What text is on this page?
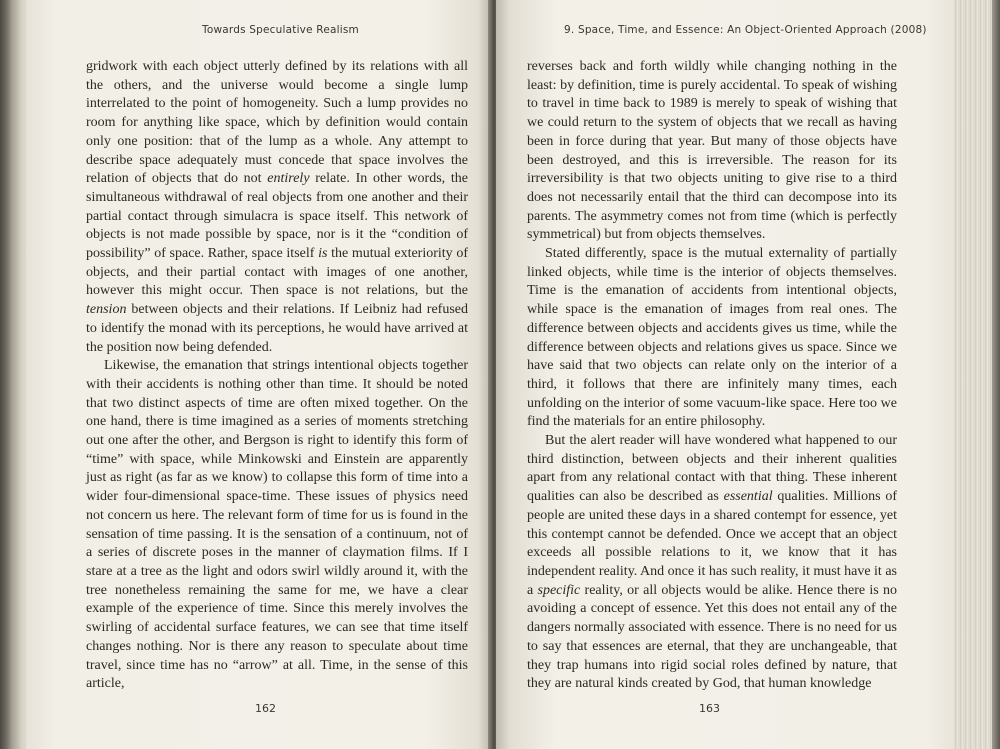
Towards Speculative Realism

gridwork with each object utterly defined by its relations with all the others, and the universe would become a single lump interrelated to the point of homogeneity. Such a lump provides no room for anything like space, which by definition would contain only one position: that of the lump as a whole. Any attempt to describe space adequately must concede that space involves the relation of objects that do not entirely relate. In other words, the simultaneous withdrawal of real objects from one another and their partial contact through simulacra is space itself. This network of objects is not made possible by space, nor is it the “condition of possibility” of space. Rather, space itself is the mutual exteriority of objects, and their partial contact with images of one another, however this might occur. Then space is not relations, but the tension between objects and their relations. If Leibniz had refused to identify the monad with its perceptions, he would have arrived at the position now being defended.

Likewise, the emanation that strings intentional objects together with their accidents is nothing other than time. It should be noted that two distinct aspects of time are often mixed together. On the one hand, there is time imagined as a series of moments stretching out one after the other, and Bergson is right to identify this form of “time” with space, while Minkowski and Einstein are apparently just as right (as far as we know) to collapse this form of time into a wider four-dimensional space-time. These issues of physics need not concern us here. The relevant form of time for us is found in the sensation of time passing. It is the sensation of a continuum, not of a series of discrete poses in the manner of claymation films. If I stare at a tree as the light and odors swirl wildly around it, with the tree nonetheless remaining the same for me, we have a clear example of the experience of time. Since this merely involves the swirling of accidental surface features, we can see that time itself changes nothing. Nor is there any reason to speculate about time travel, since time has no “arrow” at all. Time, in the sense of this article,

162
9. Space, Time, and Essence: An Object-Oriented Approach (2008)

reverses back and forth wildly while changing nothing in the least: by definition, time is purely accidental. To speak of wishing to travel in time back to 1989 is merely to speak of wishing that we could return to the system of objects that we recall as having been in force during that year. But many of those objects have been destroyed, and this is irreversible. The reason for its irreversibility is that two objects uniting to give rise to a third does not necessarily entail that the third can decompose into its parents. The asymmetry comes not from time (which is perfectly symmetrical) but from objects themselves.

Stated differently, space is the mutual externality of partially linked objects, while time is the interior of objects themselves. Time is the emanation of accidents from intentional objects, while space is the emanation of images from real ones. The difference between objects and accidents gives us time, while the difference between objects and relations gives us space. Since we have said that two objects can relate only on the interior of a third, it follows that there are infinitely many times, each unfolding on the interior of some vacuum-like space. Here too we find the materials for an entire philosophy.

But the alert reader will have wondered what happened to our third distinction, between objects and their inherent qualities apart from any relational contact with that thing. These inherent qualities can also be described as essential qualities. Millions of people are united these days in a shared contempt for essence, yet this contempt cannot be defended. Once we accept that an object exceeds all possible relations to it, we know that it has independent reality. And once it has such reality, it must have it as a specific reality, or all objects would be alike. Hence there is no avoiding a concept of essence. Yet this does not entail any of the dangers normally associated with essence. There is no need for us to say that essences are eternal, that they are unchangeable, that they trap humans into rigid social roles defined by nature, that they are natural kinds created by God, that human knowledge

163
